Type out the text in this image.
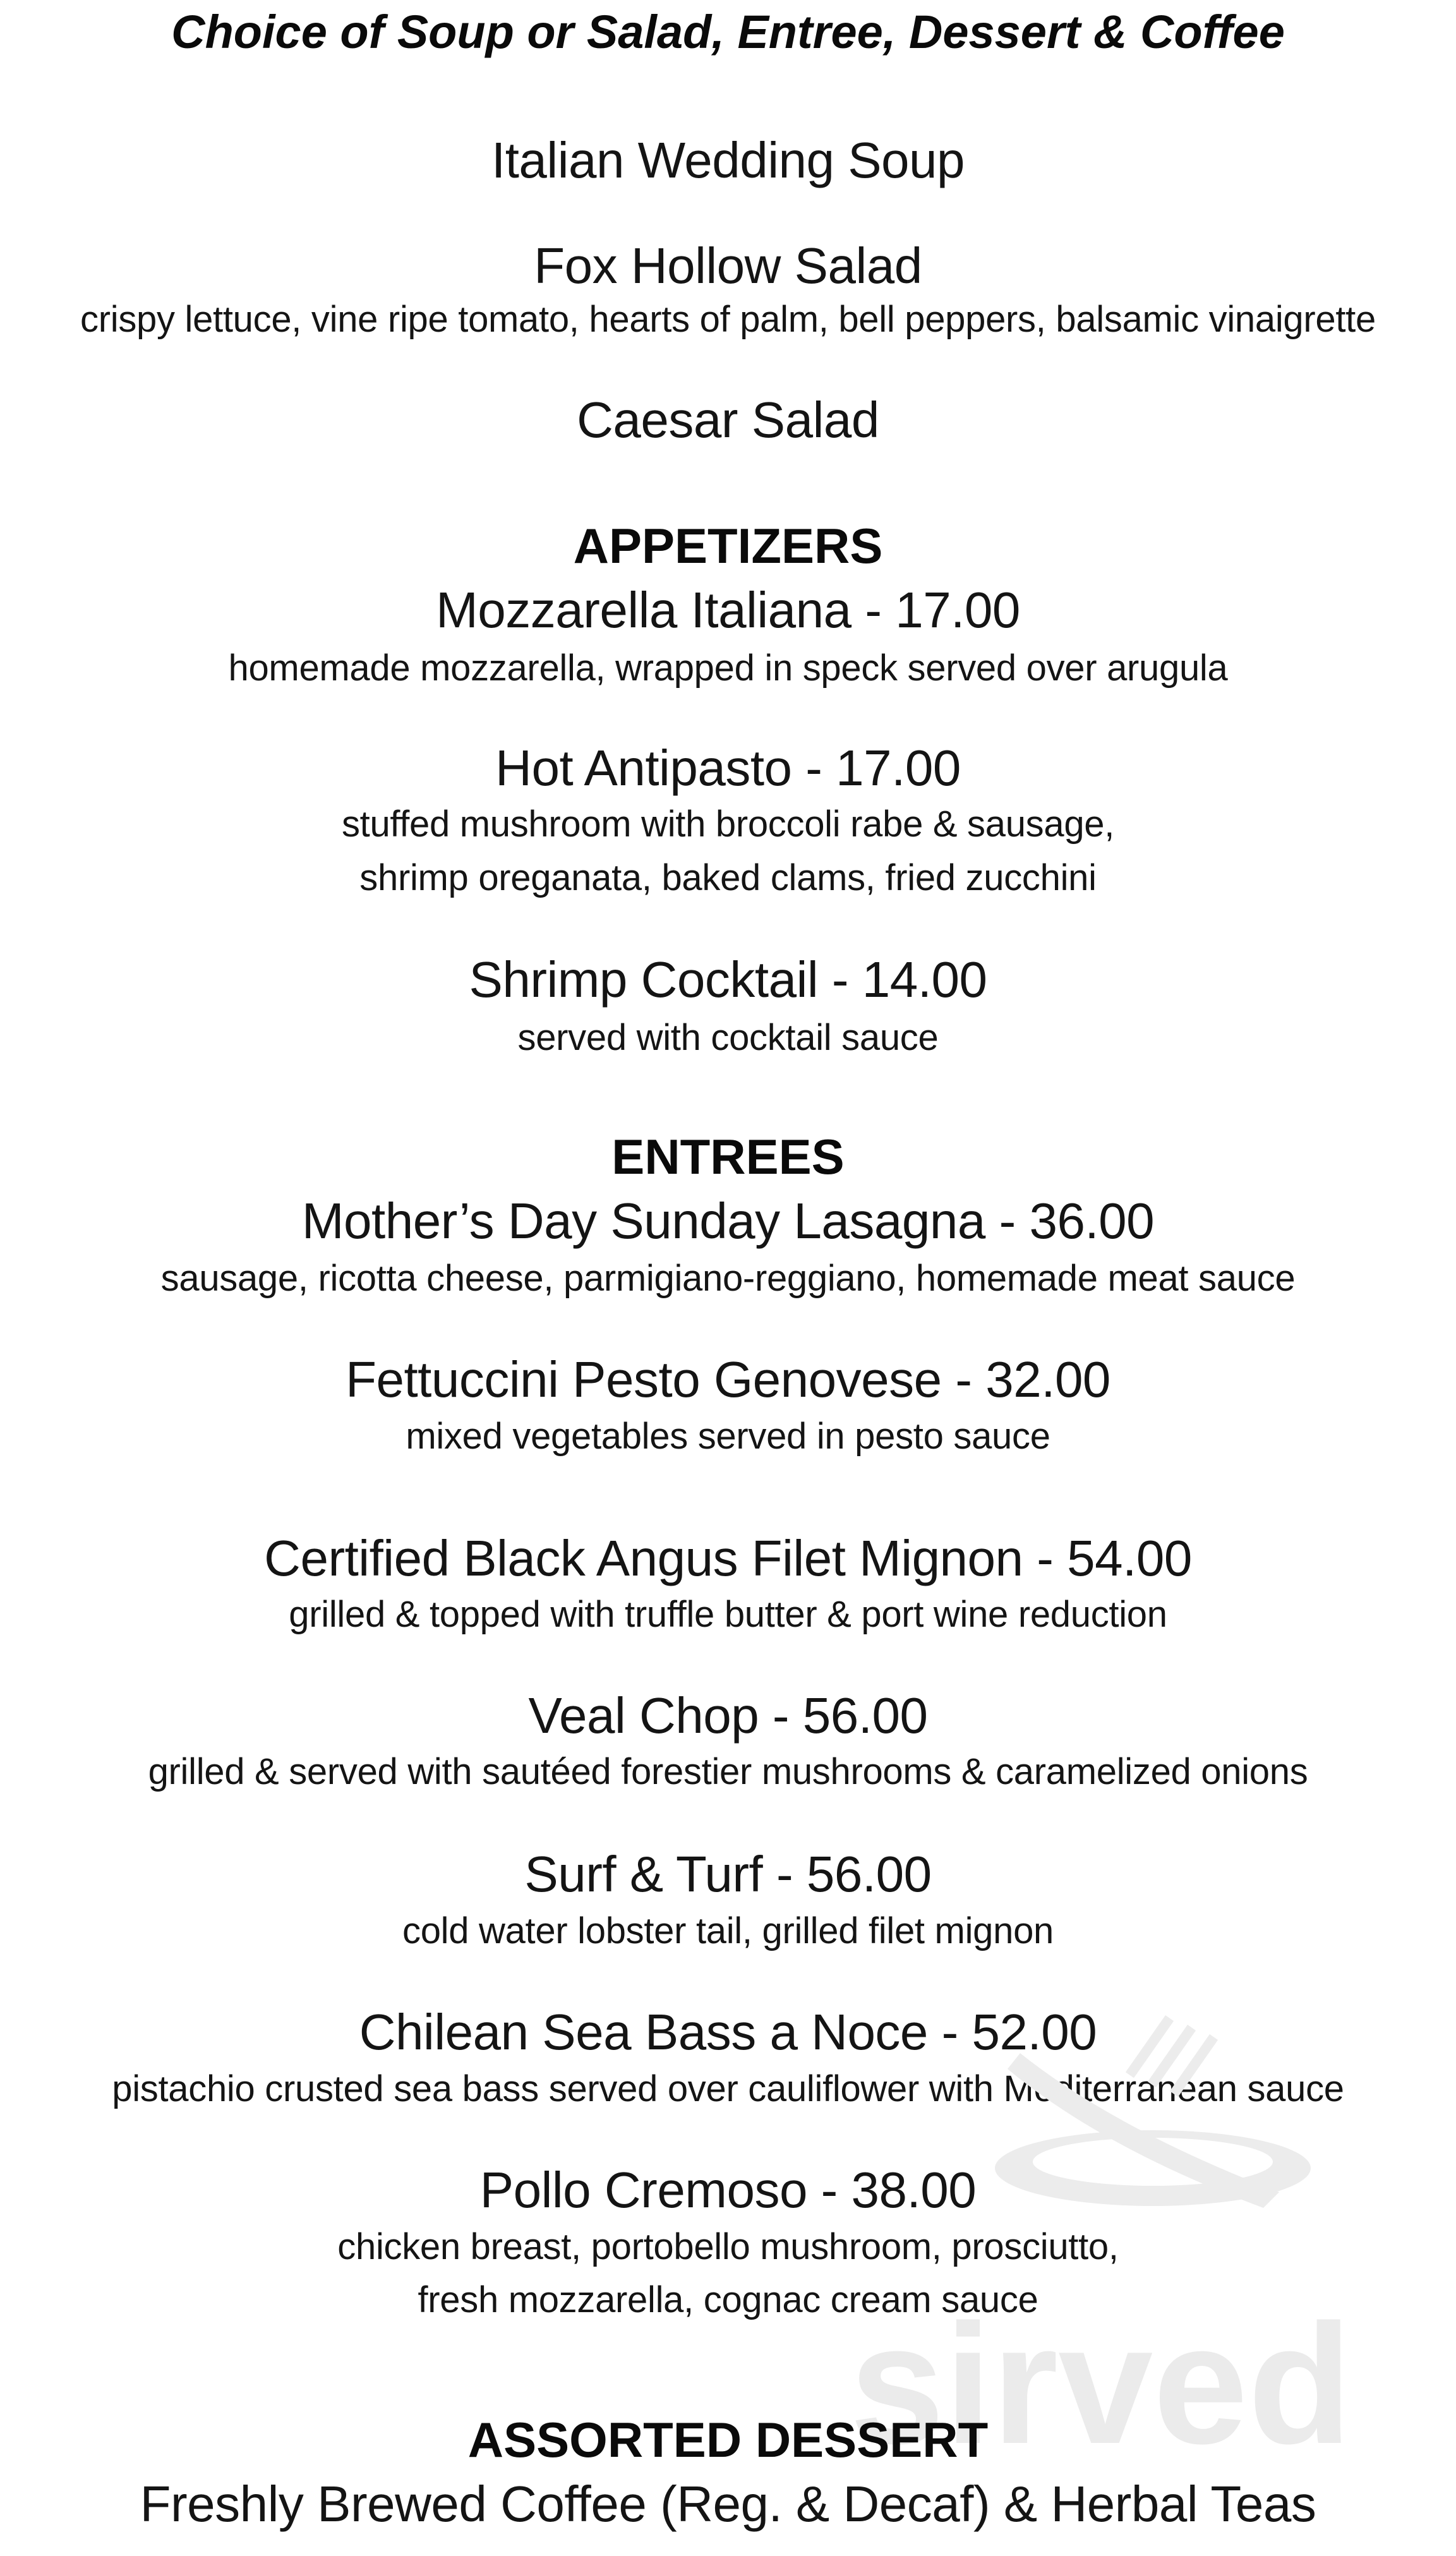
Choice of Soup or Salad, Entree, Dessert & Coffee
Italian Wedding Soup
Fox Hollow Salad
crispy lettuce, vine ripe tomato, hearts of palm, bell peppers, balsamic vinaigrette
Caesar Salad
APPETIZERS
Mozzarella Italiana - 17.00
homemade mozzarella, wrapped in speck served over arugula
Hot Antipasto - 17.00
stuffed mushroom with broccoli rabe & sausage,
shrimp oreganata, baked clams, fried zucchini
Shrimp Cocktail - 14.00
served with cocktail sauce
ENTREES
Mother’s Day Sunday Lasagna - 36.00
sausage, ricotta cheese, parmigiano-reggiano, homemade meat sauce
Fettuccini Pesto Genovese - 32.00
mixed vegetables served in pesto sauce
Certified Black Angus Filet Mignon - 54.00
grilled & topped with truffle butter & port wine reduction
Veal Chop - 56.00
grilled & served with sautéed forestier mushrooms & caramelized onions
Surf & Turf - 56.00
cold water lobster tail, grilled filet mignon
Chilean Sea Bass a Noce - 52.00
pistachio crusted sea bass served over cauliflower with Mediterranean sauce
Pollo Cremoso - 38.00
chicken breast, portobello mushroom, prosciutto,
fresh mozzarella, cognac cream sauce
sirved
ASSORTED DESSERT
Freshly Brewed Coffee (Reg. & Decaf) & Herbal Teas
